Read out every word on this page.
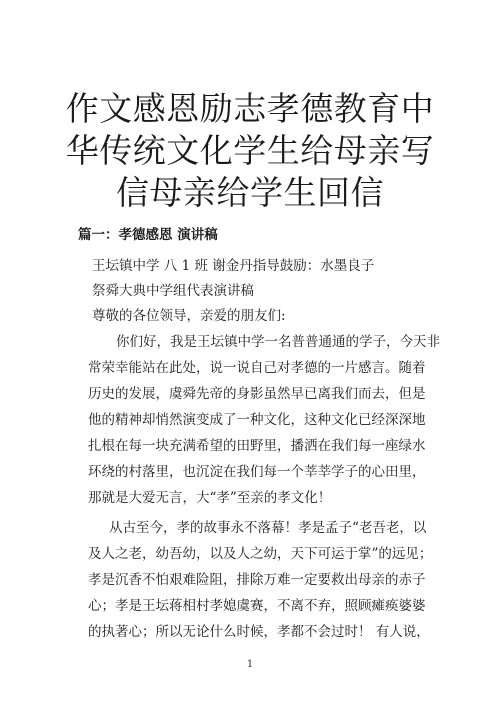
作文感恩励志孝德教育中
华传统文化学生给母亲写
信母亲给学生回信
篇一：孝德感恩 演讲稿
王坛镇中学 八 1 班 谢金丹指导鼓励：水墨良子
祭舜大典中学组代表演讲稿
尊敬的各位领导，亲爱的朋友们:
你们好，我是王坛镇中学一名普普通通的学子，今天非
常荣幸能站在此处，说一说自己对孝德的一片感言。随着
历史的发展，虞舜先帝的身影虽然早已离我们而去，但是
他的精神却悄然演变成了一种文化，这种文化已经深深地
扎根在每一块充满希望的田野里，播洒在我们每一座绿水
环绕的村落里，也沉淀在我们每一个莘莘学子的心田里，
那就是大爱无言，大“孝”至亲的孝文化！
从古至今，孝的故事永不落幕！孝是孟子“老吾老，以
及人之老，幼吾幼，以及人之幼，天下可运于掌”的远见；
孝是沉香不怕艰难险阻，排除万难一定要救出母亲的赤子
心；孝是王坛蒋相村孝媳虞赛，不离不弃，照顾瘫痪婆婆
的执著心；所以无论什么时候，孝都不会过时！ 有人说，
1
